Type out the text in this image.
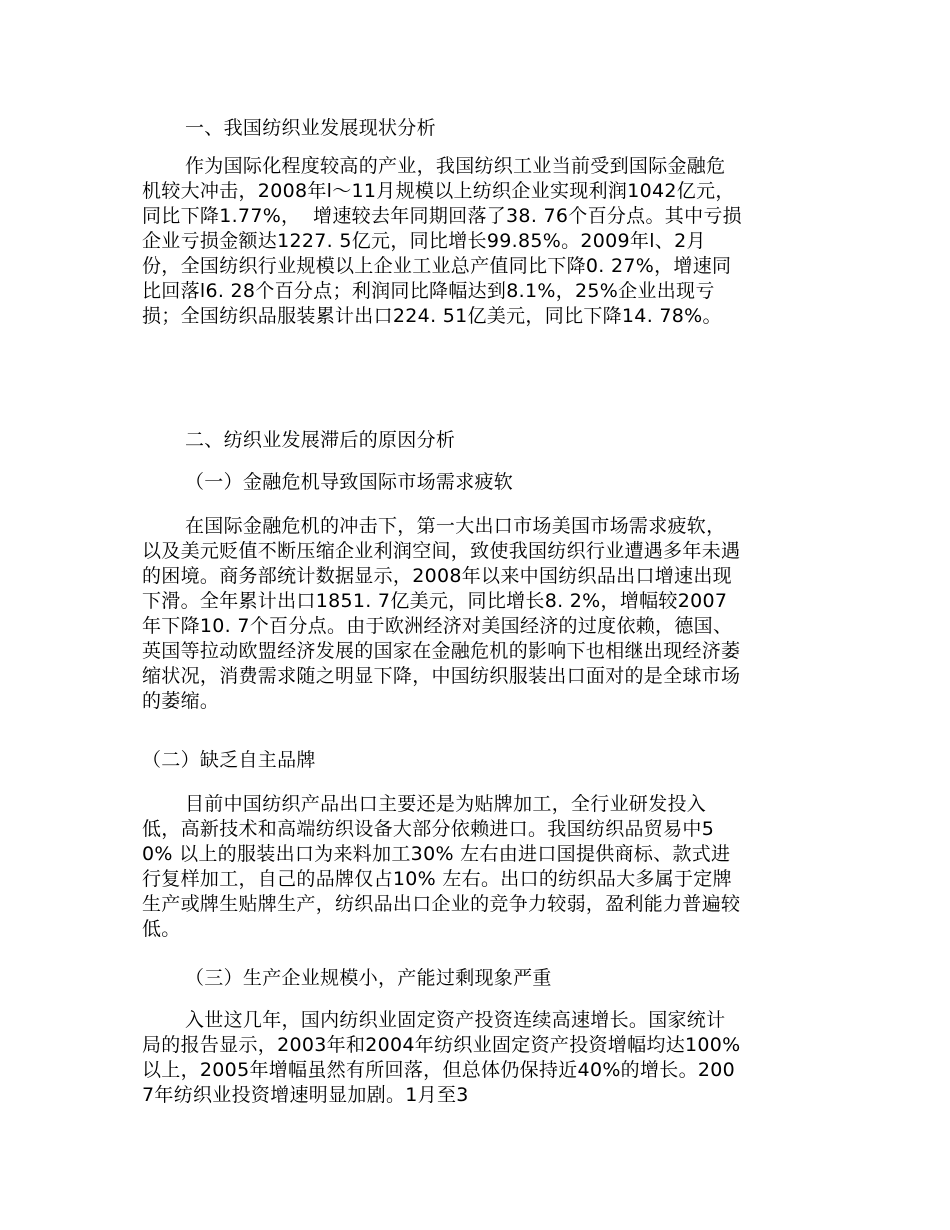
一、我国纺织业发展现状分析
作为国际化程度较高的产业，我国纺织工业当前受到国际金融危机较大冲击，2008年l～11月规模以上纺织企业实现利润1042亿元，同比下降1.77%，  增速较去年同期回落了38. 76个百分点。其中亏损企业亏损金额达1227. 5亿元，同比增长99.85%。2009年l、2月份，全国纺织行业规模以上企业工业总产值同比下降0. 27%，增速同比回落l6. 28个百分点；利润同比降幅达到8.1%，25%企业出现亏损；全国纺织品服装累计出口224. 51亿美元，同比下降14. 78%。
二、纺织业发展滞后的原因分析
（一）金融危机导致国际市场需求疲软
在国际金融危机的冲击下，第一大出口市场美国市场需求疲软，以及美元贬值不断压缩企业利润空间，致使我国纺织行业遭遇多年未遇的困境。商务部统计数据显示，2008年以来中国纺织品出口增速出现下滑。全年累计出口1851. 7亿美元，同比增长8. 2%，增幅较2007年下降10. 7个百分点。由于欧洲经济对美国经济的过度依赖，德国、英国等拉动欧盟经济发展的国家在金融危机的影响下也相继出现经济萎缩状况，消费需求随之明显下降，中国纺织服装出口面对的是全球市场的萎缩。
（二）缺乏自主品牌
目前中国纺织产品出口主要还是为贴牌加工，全行业研发投入低，高新技术和高端纺织设备大部分依赖进口。我国纺织品贸易中50% 以上的服装出口为来料加工30% 左右由进口国提供商标、款式进行复样加工，自己的品牌仅占10% 左右。出口的纺织品大多属于定牌生产或牌生贴牌生产，纺织品出口企业的竞争力较弱，盈利能力普遍较低。
（三）生产企业规模小，产能过剩现象严重
入世这几年，国内纺织业固定资产投资连续高速增长。国家统计局的报告显示，2003年和2004年纺织业固定资产投资增幅均达100%以上，2005年增幅虽然有所回落，但总体仍保持近40%的增长。2007年纺织业投资增速明显加剧。1月至3
